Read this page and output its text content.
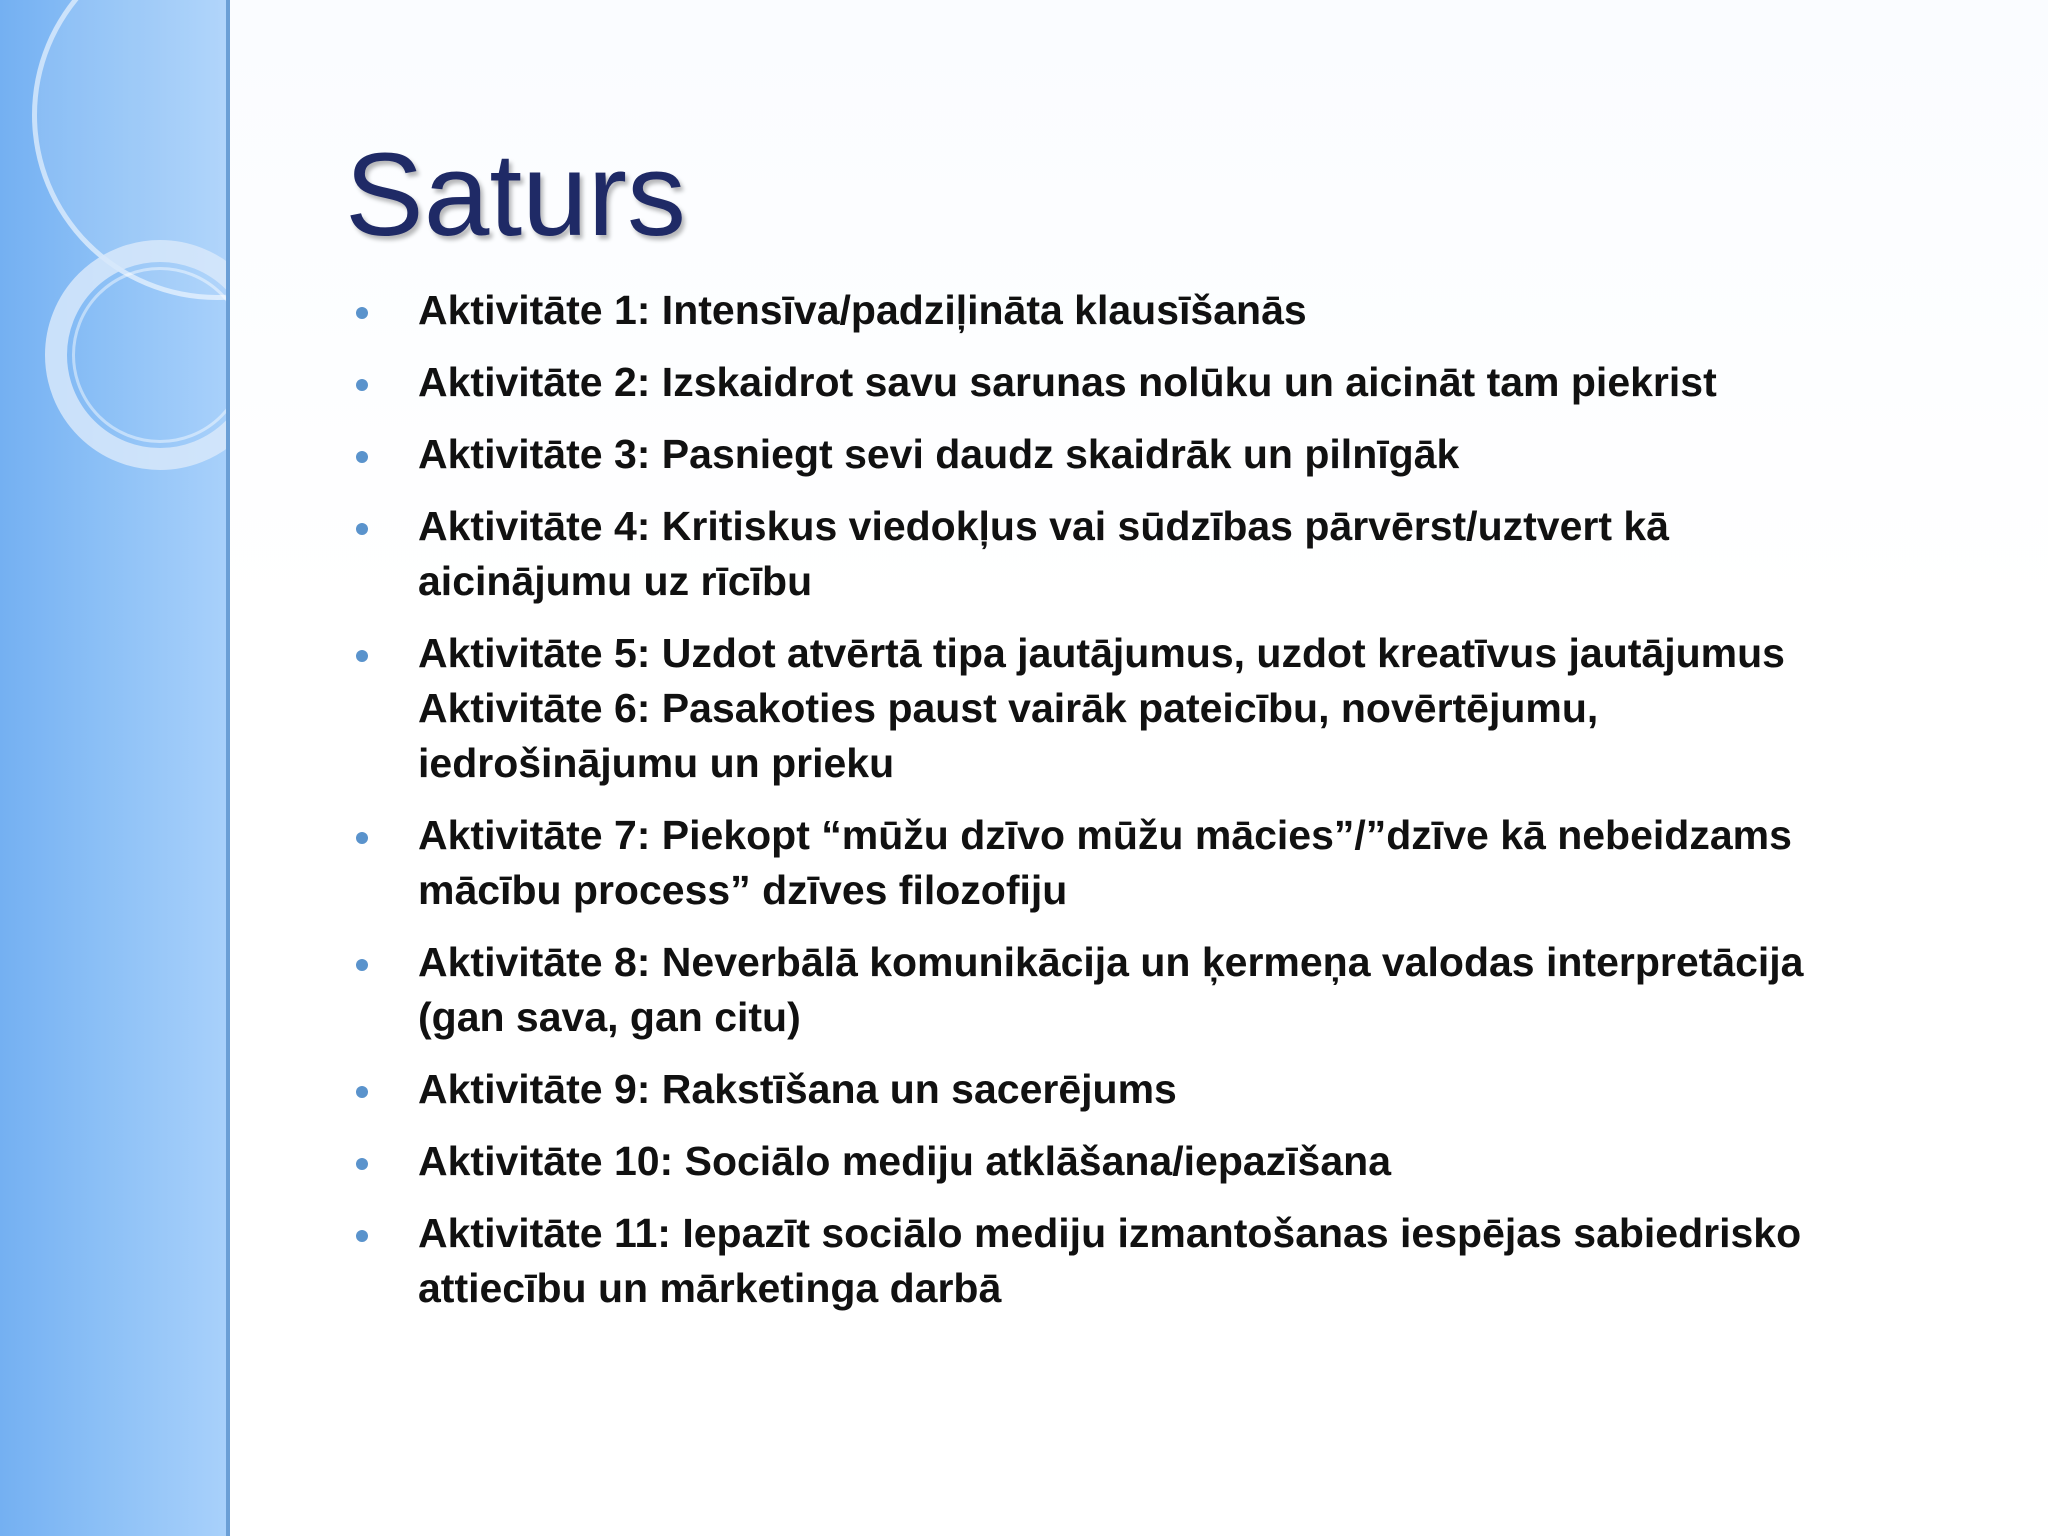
Saturs
Aktivitāte 1: Intensīva/padziļināta klausīšanās
Aktivitāte 2: Izskaidrot savu sarunas nolūku un aicināt tam piekrist
Aktivitāte 3: Pasniegt sevi daudz skaidrāk un pilnīgāk
Aktivitāte 4: Kritiskus viedokļus vai sūdzības pārvērst/uztvert kā
aicinājumu uz rīcību
Aktivitāte 5: Uzdot atvērtā tipa jautājumus, uzdot kreatīvus jautājumus
Aktivitāte 6: Pasakoties paust vairāk pateicību, novērtējumu,
iedrošinājumu un prieku
Aktivitāte 7: Piekopt “mūžu dzīvo mūžu mācies”/”dzīve kā nebeidzams
mācību process” dzīves filozofiju
Aktivitāte 8: Neverbālā komunikācija un ķermeņa valodas interpretācija
(gan sava, gan citu)
Aktivitāte 9: Rakstīšana un sacerējums
Aktivitāte 10: Sociālo mediju atklāšana/iepazīšana
Aktivitāte 11: Iepazīt sociālo mediju izmantošanas iespējas sabiedrisko
attiecību un mārketinga darbā
